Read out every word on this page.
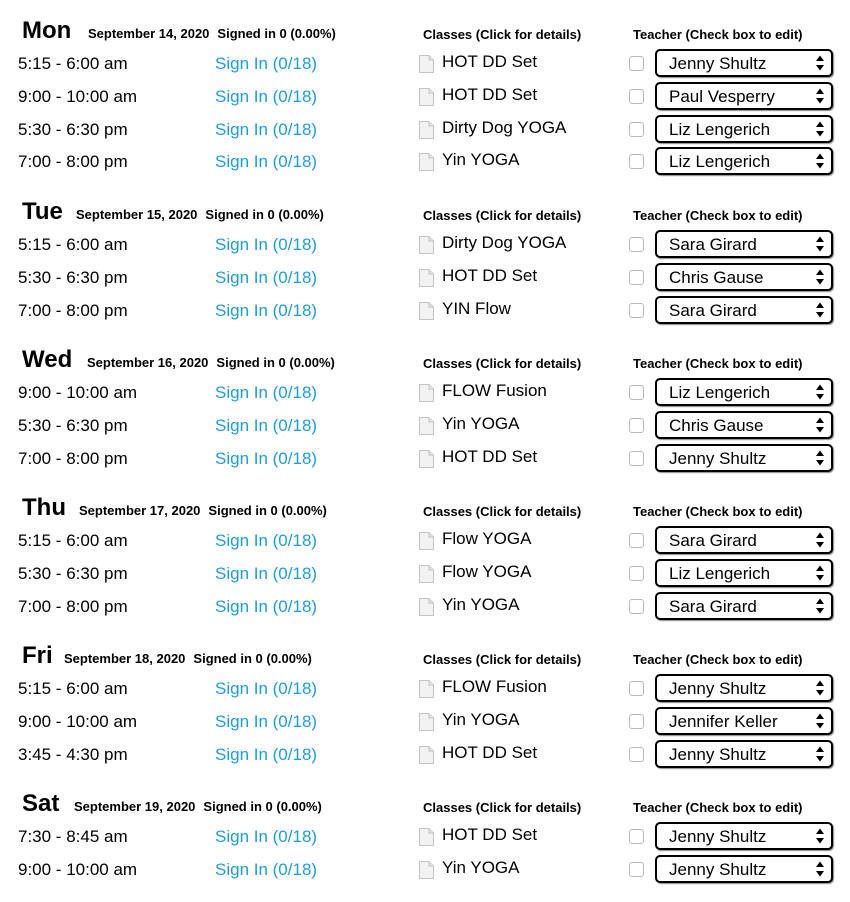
Mon September 14, 2020 Signed in 0 (0.00%)	Classes (Click for details)	Teacher (Check box to edit)
5:15 - 6:00 am	Sign In (0/18)	HOT DD Set	Jenny Shultz
9:00 - 10:00 am	Sign In (0/18)	HOT DD Set	Paul Vesperry
5:30 - 6:30 pm	Sign In (0/18)	Dirty Dog YOGA	Liz Lengerich
7:00 - 8:00 pm	Sign In (0/18)	Yin YOGA	Liz Lengerich
Tue September 15, 2020 Signed in 0 (0.00%)	Classes (Click for details)	Teacher (Check box to edit)
5:15 - 6:00 am	Sign In (0/18)	Dirty Dog YOGA	Sara Girard
5:30 - 6:30 pm	Sign In (0/18)	HOT DD Set	Chris Gause
7:00 - 8:00 pm	Sign In (0/18)	YIN Flow	Sara Girard
Wed September 16, 2020 Signed in 0 (0.00%)	Classes (Click for details)	Teacher (Check box to edit)
9:00 - 10:00 am	Sign In (0/18)	FLOW Fusion	Liz Lengerich
5:30 - 6:30 pm	Sign In (0/18)	Yin YOGA	Chris Gause
7:00 - 8:00 pm	Sign In (0/18)	HOT DD Set	Jenny Shultz
Thu September 17, 2020 Signed in 0 (0.00%)	Classes (Click for details)	Teacher (Check box to edit)
5:15 - 6:00 am	Sign In (0/18)	Flow YOGA	Sara Girard
5:30 - 6:30 pm	Sign In (0/18)	Flow YOGA	Liz Lengerich
7:00 - 8:00 pm	Sign In (0/18)	Yin YOGA	Sara Girard
Fri September 18, 2020 Signed in 0 (0.00%)	Classes (Click for details)	Teacher (Check box to edit)
5:15 - 6:00 am	Sign In (0/18)	FLOW Fusion	Jenny Shultz
9:00 - 10:00 am	Sign In (0/18)	Yin YOGA	Jennifer Keller
3:45 - 4:30 pm	Sign In (0/18)	HOT DD Set	Jenny Shultz
Sat September 19, 2020 Signed in 0 (0.00%)	Classes (Click for details)	Teacher (Check box to edit)
7:30 - 8:45 am	Sign In (0/18)	HOT DD Set	Jenny Shultz
9:00 - 10:00 am	Sign In (0/18)	Yin YOGA	Jenny Shultz
